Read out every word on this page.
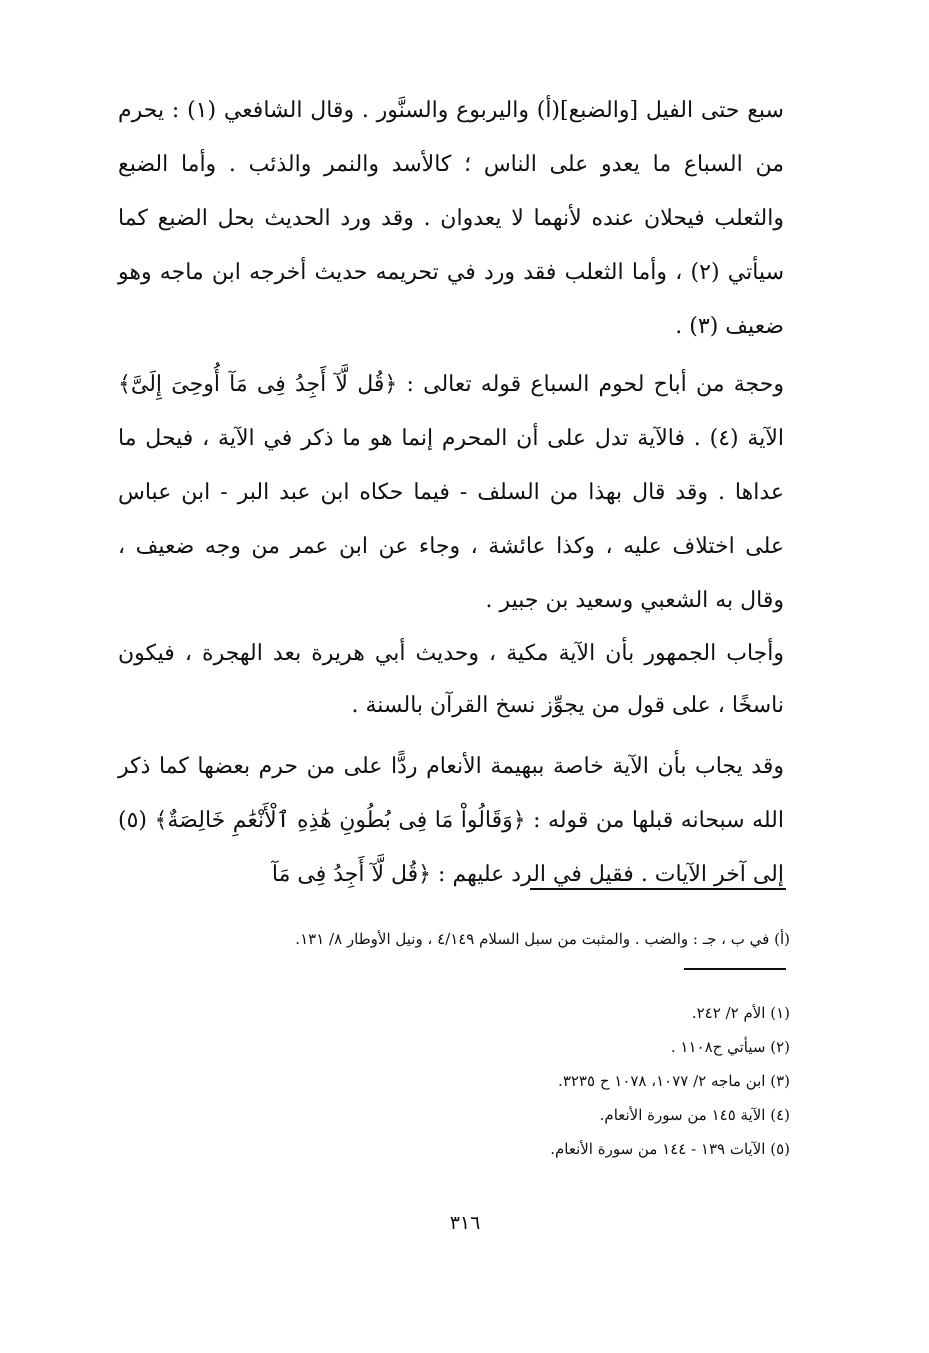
سبع حتى الفيل [والضبع]‏(أ) واليربوع والسنَّور . وقال الشافعي (١) : يحرم من السباع ما يعدو على الناس ؛ كالأسد والنمر والذئب . وأما الضبع والثعلب فيحلان عنده لأنهما لا يعدوان . وقد ورد الحديث بحل الضبع كما سيأتي (٢) ، وأما الثعلب فقد ورد في تحريمه حديث أخرجه ابن ماجه وهو ضعيف (٣) .

وحجة من أباح لحوم السباع قوله تعالى : ﴿قُل لَّآ أَجِدُ فِى مَآ أُوحِىَ إِلَىَّ﴾ الآية (٤) . فالآية تدل على أن المحرم إنما هو ما ذكر في الآية ، فيحل ما عداها . وقد قال بهذا من السلف - فيما حكاه ابن عبد البر - ابن عباس على اختلاف عليه ، وكذا عائشة ، وجاء عن ابن عمر من وجه ضعيف ، وقال به الشعبي وسعيد بن جبير .

وأجاب الجمهور بأن الآية مكية ، وحديث أبي هريرة بعد الهجرة ، فيكون ناسخًا ، على قول من يجوِّز نسخ القرآن بالسنة .

وقد يجاب بأن الآية خاصة ببهيمة الأنعام ردًّا على من حرم بعضها كما ذكر الله سبحانه قبلها من قوله : ﴿وَقَالُواْ مَا فِى بُطُونِ هَٰذِهِ ٱلْأَنْعَٰمِ خَالِصَةٌ﴾ (٥) إلى آخر الآيات . فقيل في الرد عليهم : ﴿قُل لَّآ أَجِدُ فِى مَآ

(أ) في ب ، جـ : والضب . والمثبت من سبل السلام ٤/١٤٩ ، ونيل الأوطار ٨/ ١٣١.
(١) الأم ٢/ ٢٤٢.
(٢) سيأتي ح١١٠٨ .
(٣) ابن ماجه ٢/ ١٠٧٧، ١٠٧٨ ح ٣٢٣٥.
(٤) الآية ١٤٥ من سورة الأنعام.
(٥) الآيات ١٣٩ - ١٤٤ من سورة الأنعام.
٣١٦
